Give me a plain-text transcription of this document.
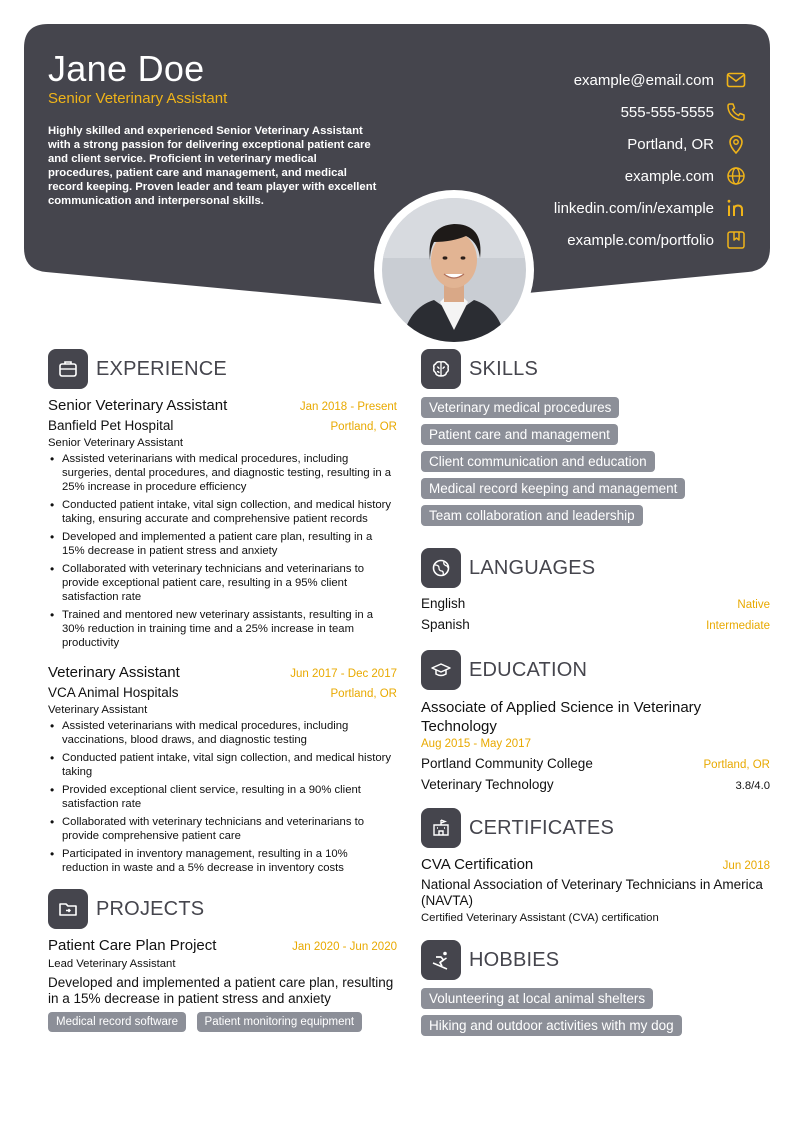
Jane Doe
Senior Veterinary Assistant
Highly skilled and experienced Senior Veterinary Assistant with a strong passion for delivering exceptional patient care and client service. Proficient in veterinary medical procedures, patient care and management, and medical record keeping. Proven leader and team player with excellent communication and interpersonal skills.
example@email.com
555-555-5555
Portland, OR
example.com
linkedin.com/in/example
example.com/portfolio
EXPERIENCE
Senior Veterinary Assistant	Jan 2018 - Present
Banfield Pet Hospital	Portland, OR
Senior Veterinary Assistant
• Assisted veterinarians with medical procedures, including surgeries, dental procedures, and diagnostic testing, resulting in a 25% increase in procedure efficiency
• Conducted patient intake, vital sign collection, and medical history taking, ensuring accurate and comprehensive patient records
• Developed and implemented a patient care plan, resulting in a 15% decrease in patient stress and anxiety
• Collaborated with veterinary technicians and veterinarians to provide exceptional patient care, resulting in a 95% client satisfaction rate
• Trained and mentored new veterinary assistants, resulting in a 30% reduction in training time and a 25% increase in team productivity
Veterinary Assistant	Jun 2017 - Dec 2017
VCA Animal Hospitals	Portland, OR
Veterinary Assistant
• Assisted veterinarians with medical procedures, including vaccinations, blood draws, and diagnostic testing
• Conducted patient intake, vital sign collection, and medical history taking
• Provided exceptional client service, resulting in a 90% client satisfaction rate
• Collaborated with veterinary technicians and veterinarians to provide comprehensive patient care
• Participated in inventory management, resulting in a 10% reduction in waste and a 5% decrease in inventory costs
PROJECTS
Patient Care Plan Project	Jan 2020 - Jun 2020
Lead Veterinary Assistant
Developed and implemented a patient care plan, resulting in a 15% decrease in patient stress and anxiety
Medical record software Patient monitoring equipment
SKILLS
Veterinary medical procedures
Patient care and management
Client communication and education
Medical record keeping and management
Team collaboration and leadership
LANGUAGES
English	Native
Spanish	Intermediate
EDUCATION
Associate of Applied Science in Veterinary Technology
Aug 2015 - May 2017
Portland Community College	Portland, OR
Veterinary Technology	3.8/4.0
CERTIFICATES
CVA Certification	Jun 2018
National Association of Veterinary Technicians in America (NAVTA)
Certified Veterinary Assistant (CVA) certification
HOBBIES
Volunteering at local animal shelters
Hiking and outdoor activities with my dog
